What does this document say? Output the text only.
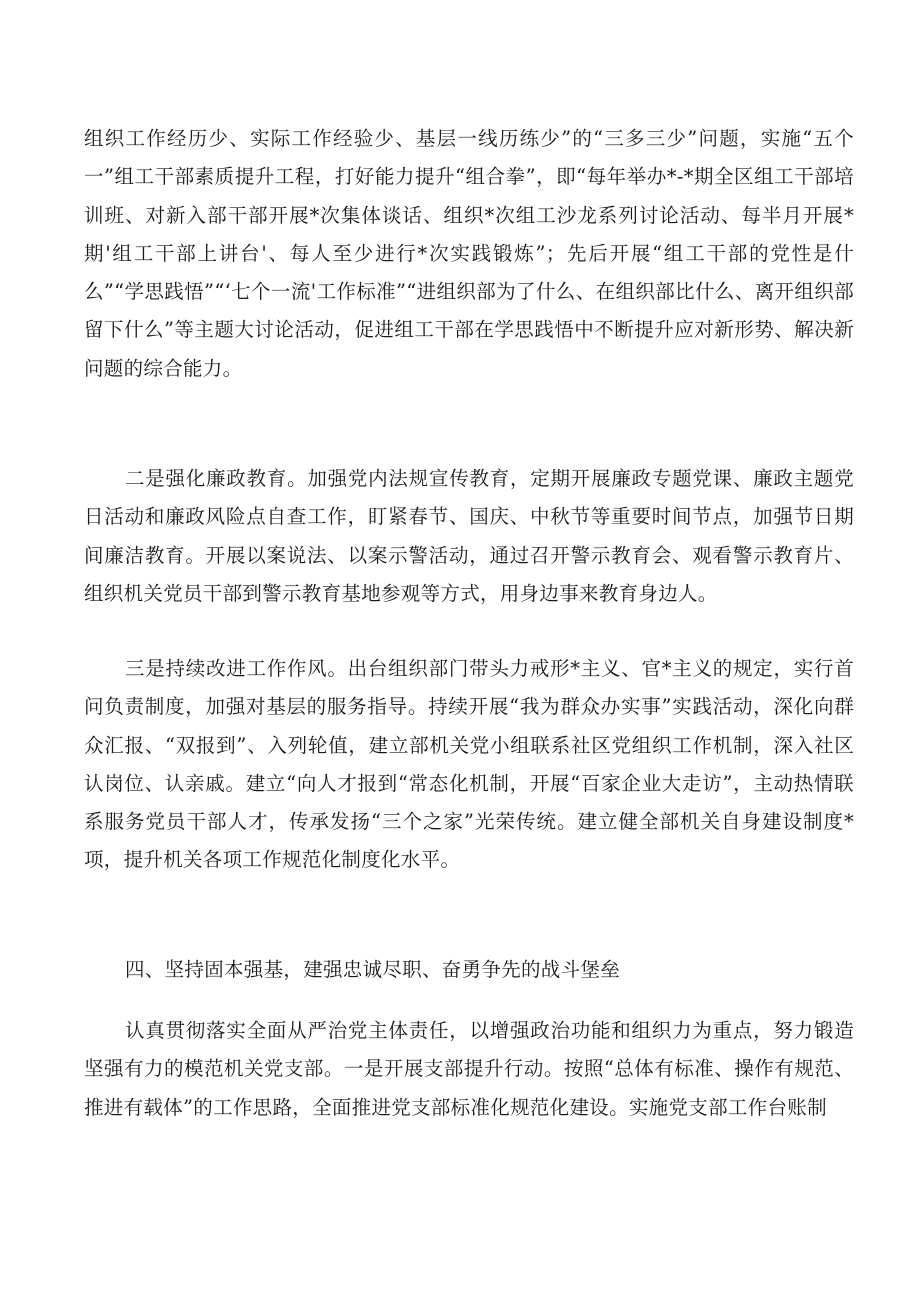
组织工作经历少、实际工作经验少、基层一线历练少”的“三多三少”问题，实施“五个一”组工干部素质提升工程，打好能力提升“组合拳”，即“每年举办*-*期全区组工干部培训班、对新入部干部开展*次集体谈话、组织*次组工沙龙系列讨论活动、每半月开展*期'组工干部上讲台'、每人至少进行*次实践锻炼”；先后开展“组工干部的党性是什么”“学思践悟”“‘七个一流'工作标准”“进组织部为了什么、在组织部比什么、离开组织部留下什么”等主题大讨论活动，促进组工干部在学思践悟中不断提升应对新形势、解决新问题的综合能力。

二是强化廉政教育。加强党内法规宣传教育，定期开展廉政专题党课、廉政主题党日活动和廉政风险点自查工作，盯紧春节、国庆、中秋节等重要时间节点，加强节日期间廉洁教育。开展以案说法、以案示警活动，通过召开警示教育会、观看警示教育片、组织机关党员干部到警示教育基地参观等方式，用身边事来教育身边人。

三是持续改进工作作风。出台组织部门带头力戒形*主义、官*主义的规定，实行首问负责制度，加强对基层的服务指导。持续开展“我为群众办实事”实践活动，深化向群众汇报、“双报到”、入列轮值，建立部机关党小组联系社区党组织工作机制，深入社区认岗位、认亲戚。建立“向人才报到“常态化机制，开展“百家企业大走访”，主动热情联系服务党员干部人才，传承发扬“三个之家”光荣传统。建立健全部机关自身建设制度*项，提升机关各项工作规范化制度化水平。

四、坚持固本强基，建强忠诚尽职、奋勇争先的战斗堡垒

认真贯彻落实全面从严治党主体责任，以增强政治功能和组织力为重点，努力锻造坚强有力的模范机关党支部。一是开展支部提升行动。按照“总体有标准、操作有规范、推进有载体”的工作思路，全面推进党支部标准化规范化建设。实施党支部工作台账制
